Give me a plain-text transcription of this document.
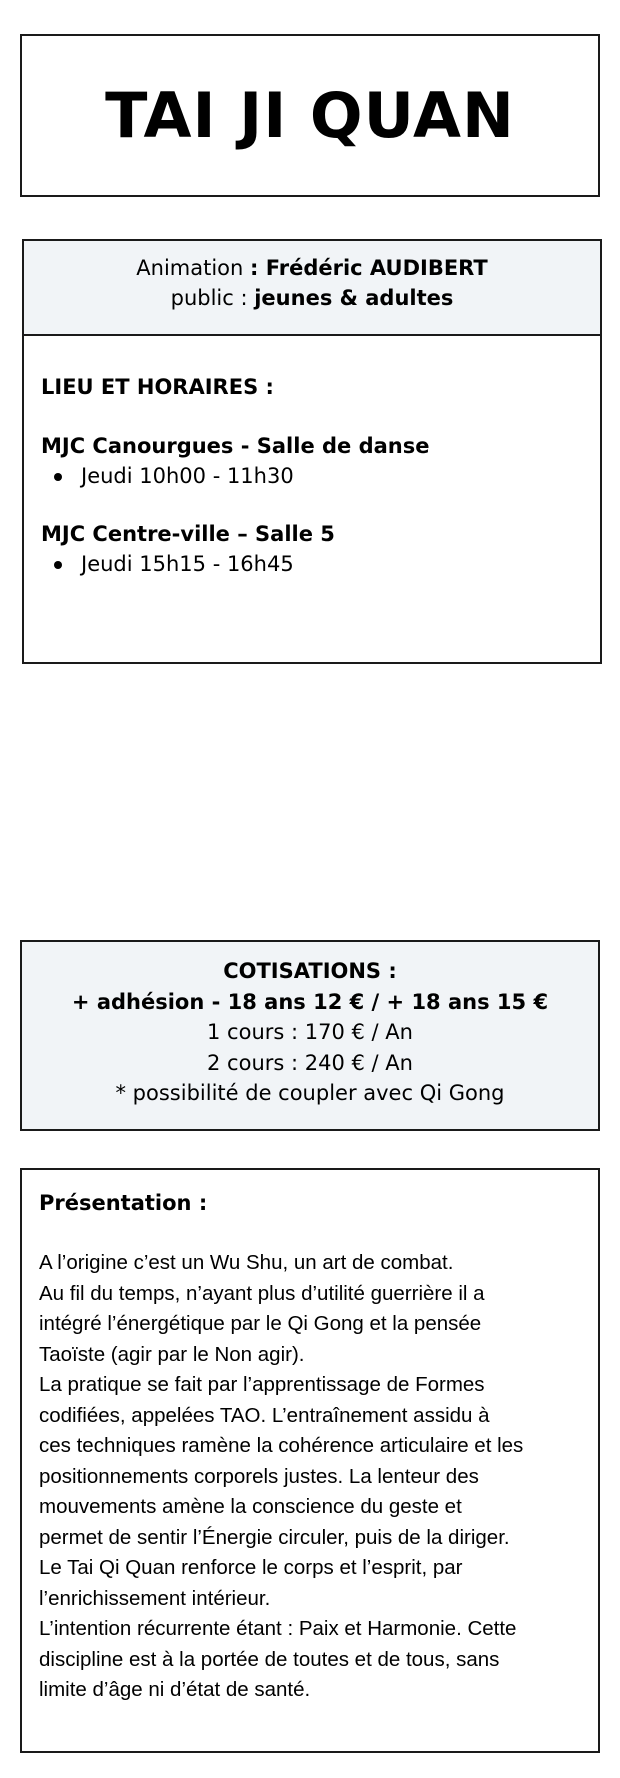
TAI JI QUAN
Animation : Frédéric AUDIBERT
public : jeunes & adultes
LIEU ET HORAIRES :
MJC Canourgues - Salle de danse
Jeudi 10h00 - 11h30
MJC Centre-ville – Salle 5
Jeudi 15h15 - 16h45
COTISATIONS :
+ adhésion - 18 ans 12 € / + 18 ans 15 €
1 cours : 170 € / An
2 cours : 240 € / An
* possibilité de coupler avec Qi Gong
Présentation :
A l’origine c’est un Wu Shu, un art de combat.
Au fil du temps, n’ayant plus d’utilité guerrière il a
intégré l’énergétique par le Qi Gong et la pensée
Taoïste (agir par le Non agir).
La pratique se fait par l’apprentissage de Formes
codifiées, appelées TAO. L’entraînement assidu à
ces techniques ramène la cohérence articulaire et les
positionnements corporels justes. La lenteur des
mouvements amène la conscience du geste et
permet de sentir l’Énergie circuler, puis de la diriger.
Le Tai Qi Quan renforce le corps et l’esprit, par
l’enrichissement intérieur.
L’intention récurrente étant : Paix et Harmonie. Cette
discipline est à la portée de toutes et de tous, sans
limite d’âge ni d’état de santé.
